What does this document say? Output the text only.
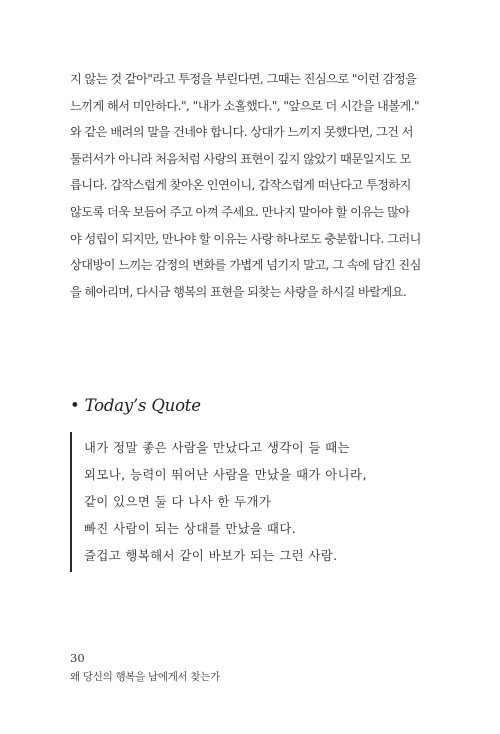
지 않는 것 같아"라고 투정을 부린다면, 그때는 진심으로 "이런 감정을
느끼게 해서 미안하다.", "내가 소홀했다.", "앞으로 더 시간을 내볼게."
와 같은 배려의 말을 건네야 합니다. 상대가 느끼지 못했다면, 그건 서
툴러서가 아니라 처음처럼 사랑의 표현이 깊지 않았기 때문일지도 모
릅니다. 갑작스럽게 찾아온 인연이니, 갑작스럽게 떠난다고 투정하지
않도록 더욱 보듬어 주고 아껴 주세요. 만나지 말아야 할 이유는 많아
야 성립이 되지만, 만나야 할 이유는 사랑 하나로도 충분합니다. 그러니
상대방이 느끼는 감정의 변화를 가볍게 넘기지 말고, 그 속에 담긴 진심
을 헤아리며, 다시금 행복의 표현을 되찾는 사랑을 하시길 바랄게요.
• Today’s Quote
내가 정말 좋은 사람을 만났다고 생각이 들 때는
외모나, 능력이 뛰어난 사람을 만났을 때가 아니라,
같이 있으면 둘 다 나사 한 두개가
빠진 사람이 되는 상대를 만났을 때다.
즐겁고 행복해서 같이 바보가 되는 그런 사람.
30
왜 당신의 행복을 남에게서 찾는가
